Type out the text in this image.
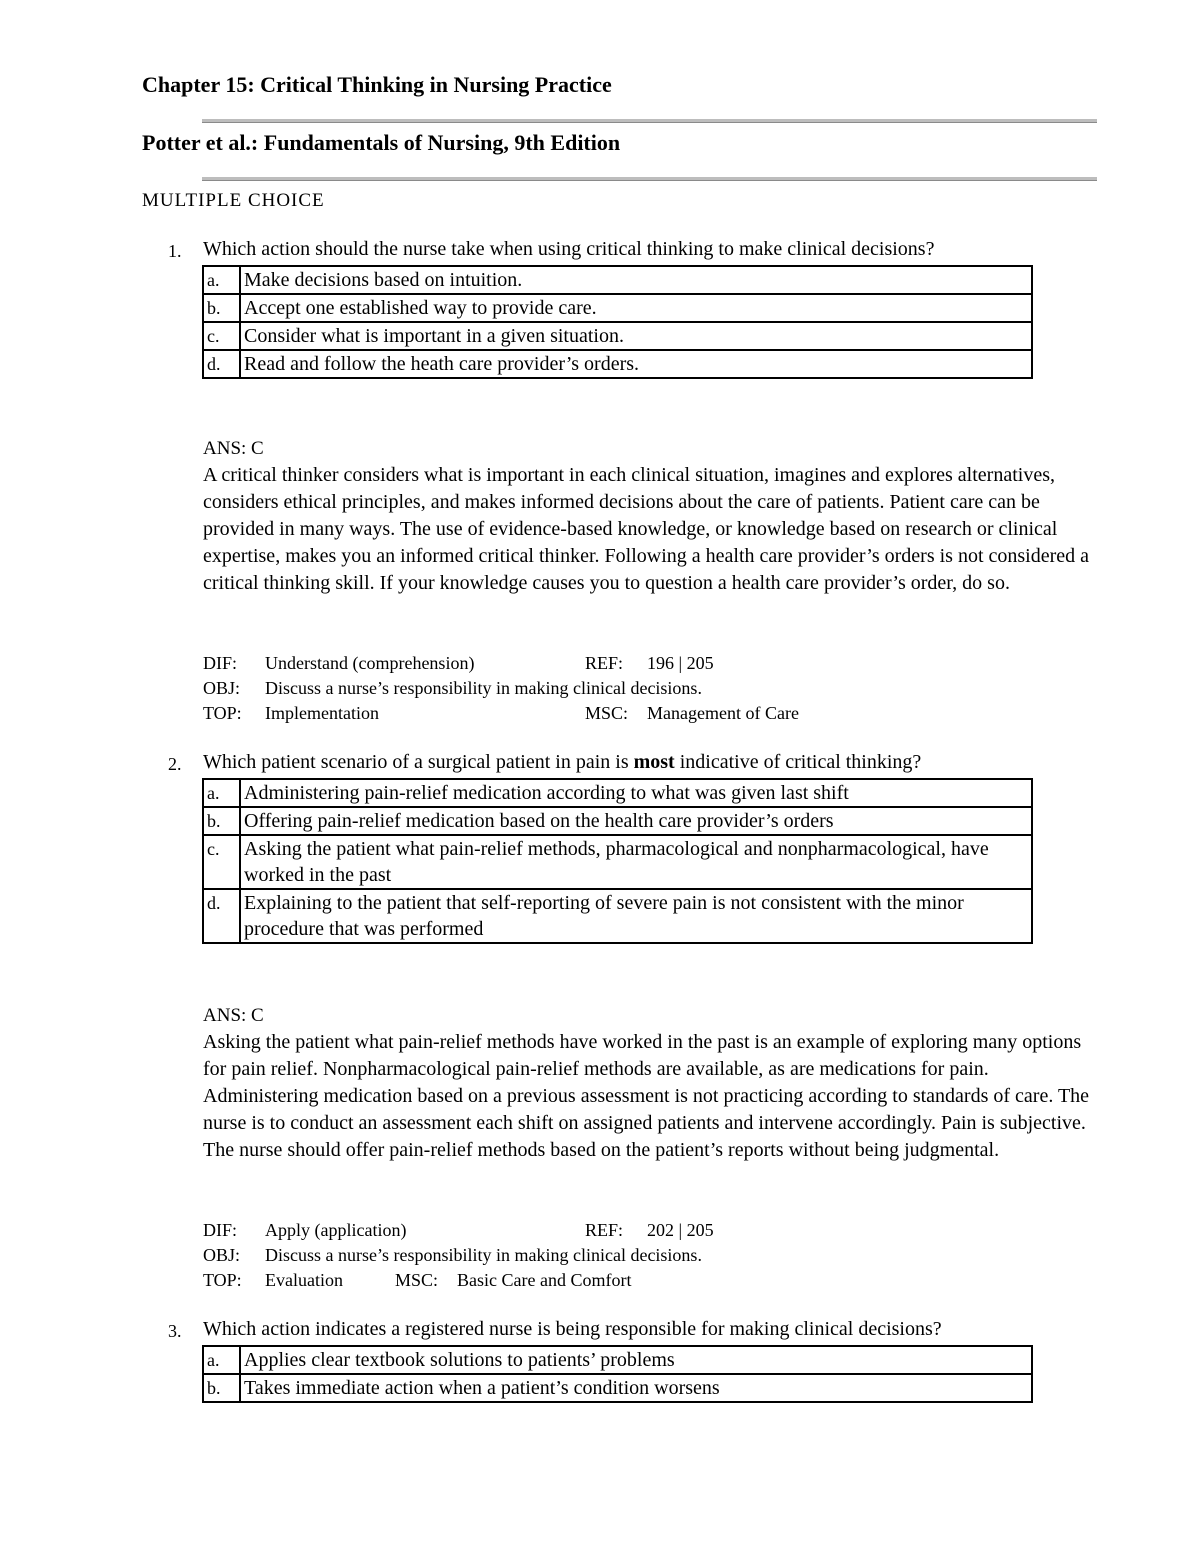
Chapter 15: Critical Thinking in Nursing Practice
Potter et al.: Fundamentals of Nursing, 9th Edition
MULTIPLE CHOICE
1. Which action should the nurse take when using critical thinking to make clinical decisions?
a.	Make decisions based on intuition.
b.	Accept one established way to provide care.
c.	Consider what is important in a given situation.
d.	Read and follow the heath care provider’s orders.
ANS: C
A critical thinker considers what is important in each clinical situation, imagines and explores alternatives, considers ethical principles, and makes informed decisions about the care of patients. Patient care can be provided in many ways. The use of evidence-based knowledge, or knowledge based on research or clinical expertise, makes you an informed critical thinker. Following a health care provider’s orders is not considered a critical thinking skill. If your knowledge causes you to question a health care provider’s order, do so.
DIF: Understand (comprehension)	REF: 196 | 205
OBJ: Discuss a nurse’s responsibility in making clinical decisions.
TOP: Implementation	MSC: Management of Care
2. Which patient scenario of a surgical patient in pain is most indicative of critical thinking?
a.	Administering pain-relief medication according to what was given last shift
b.	Offering pain-relief medication based on the health care provider’s orders
c.	Asking the patient what pain-relief methods, pharmacological and nonpharmacological, have worked in the past
d.	Explaining to the patient that self-reporting of severe pain is not consistent with the minor procedure that was performed
ANS: C
Asking the patient what pain-relief methods have worked in the past is an example of exploring many options for pain relief. Nonpharmacological pain-relief methods are available, as are medications for pain. Administering medication based on a previous assessment is not practicing according to standards of care. The nurse is to conduct an assessment each shift on assigned patients and intervene accordingly. Pain is subjective. The nurse should offer pain-relief methods based on the patient’s reports without being judgmental.
DIF: Apply (application)	REF: 202 | 205
OBJ: Discuss a nurse’s responsibility in making clinical decisions.
TOP: Evaluation	MSC: Basic Care and Comfort
3. Which action indicates a registered nurse is being responsible for making clinical decisions?
a.	Applies clear textbook solutions to patients’ problems
b.	Takes immediate action when a patient’s condition worsens
